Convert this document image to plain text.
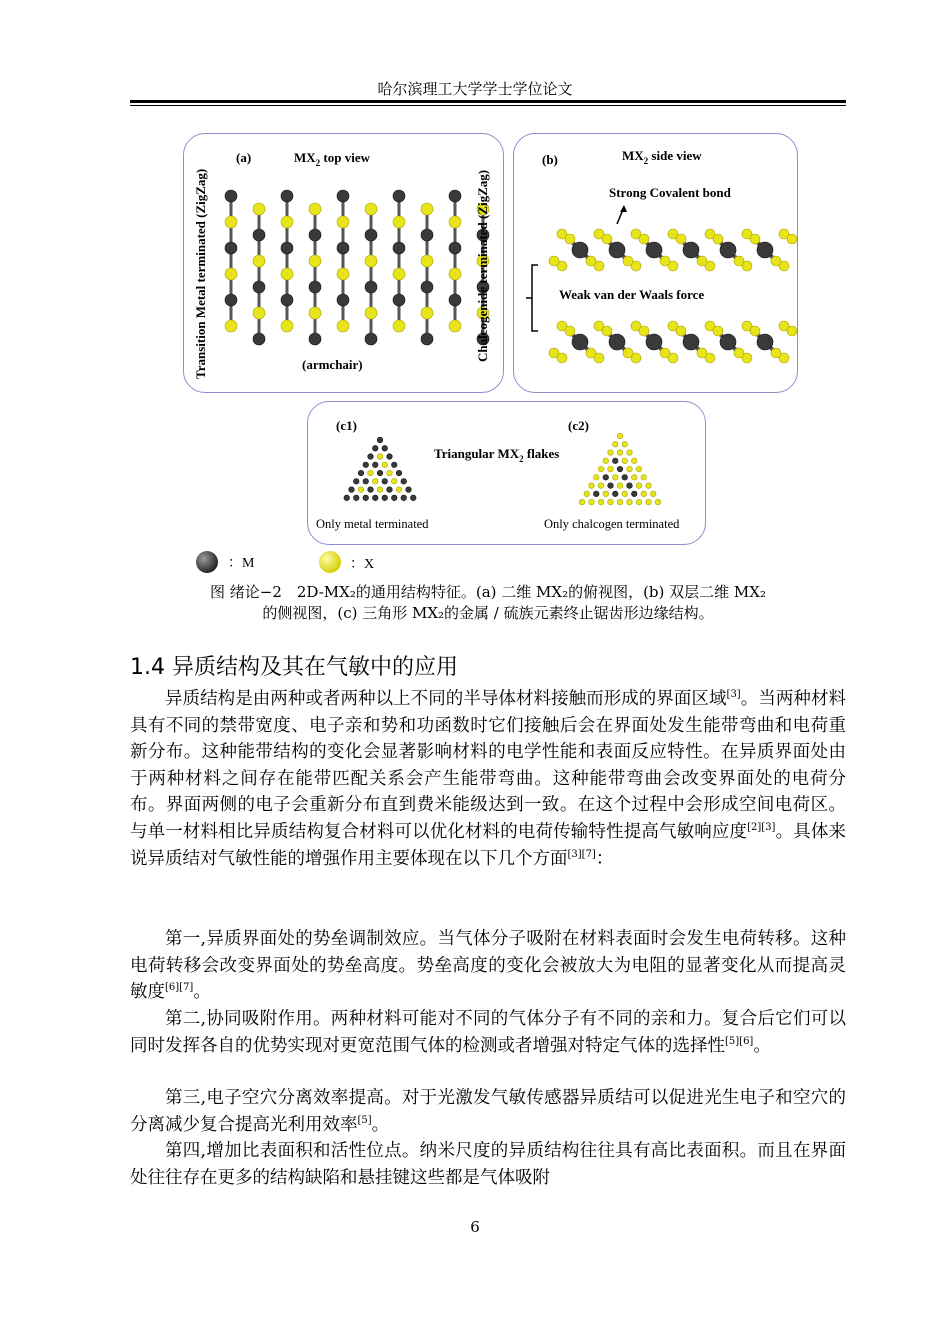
哈尔滨理工大学学士学位论文
(a)	$MX_2$ top view
Transition Metal terminated (ZigZag)	Chalcogenide terminated (ZigZag)
(armchair)
(b)	$MX_2$ side view
Strong Covalent bond
Weak van der Waals force
(c1)	(c2)
Triangular $MX_2$ flakes
Only metal terminated	Only chalcogen terminated
：M	：X
图 绪论−2　2D-MX₂的通用结构特征。(a) 二维 MX₂的俯视图，(b) 双层二维 MX₂
的侧视图，(c) 三角形 MX₂的金属 / 硫族元素终止锯齿形边缘结构。
1.4 异质结构及其在气敏中的应用
异质结构是由两种或者两种以上不同的半导体材料接触而形成的界面区域[3]。当两种材料具有不同的禁带宽度、电子亲和势和功函数时它们接触后会在界面处发生能带弯曲和电荷重新分布。这种能带结构的变化会显著影响材料的电学性能和表面反应特性。在异质界面处由于两种材料之间存在能带匹配关系会产生能带弯曲。这种能带弯曲会改变界面处的电荷分布。界面两侧的电子会重新分布直到费米能级达到一致。在这个过程中会形成空间电荷区。与单一材料相比异质结构复合材料可以优化材料的电荷传输特性提高气敏响应度[2][3]。具体来说异质结对气敏性能的增强作用主要体现在以下几个方面[3][7]：
第一,异质界面处的势垒调制效应。当气体分子吸附在材料表面时会发生电荷转移。这种电荷转移会改变界面处的势垒高度。势垒高度的变化会被放大为电阻的显著变化从而提高灵敏度[6][7]。
第二,协同吸附作用。两种材料可能对不同的气体分子有不同的亲和力。复合后它们可以同时发挥各自的优势实现对更宽范围气体的检测或者增强对特定气体的选择性[5][6]。
第三,电子空穴分离效率提高。对于光激发气敏传感器异质结可以促进光生电子和空穴的分离减少复合提高光利用效率[5]。
第四,增加比表面积和活性位点。纳米尺度的异质结构往往具有高比表面积。而且在界面处往往存在更多的结构缺陷和悬挂键这些都是气体吸附
6
